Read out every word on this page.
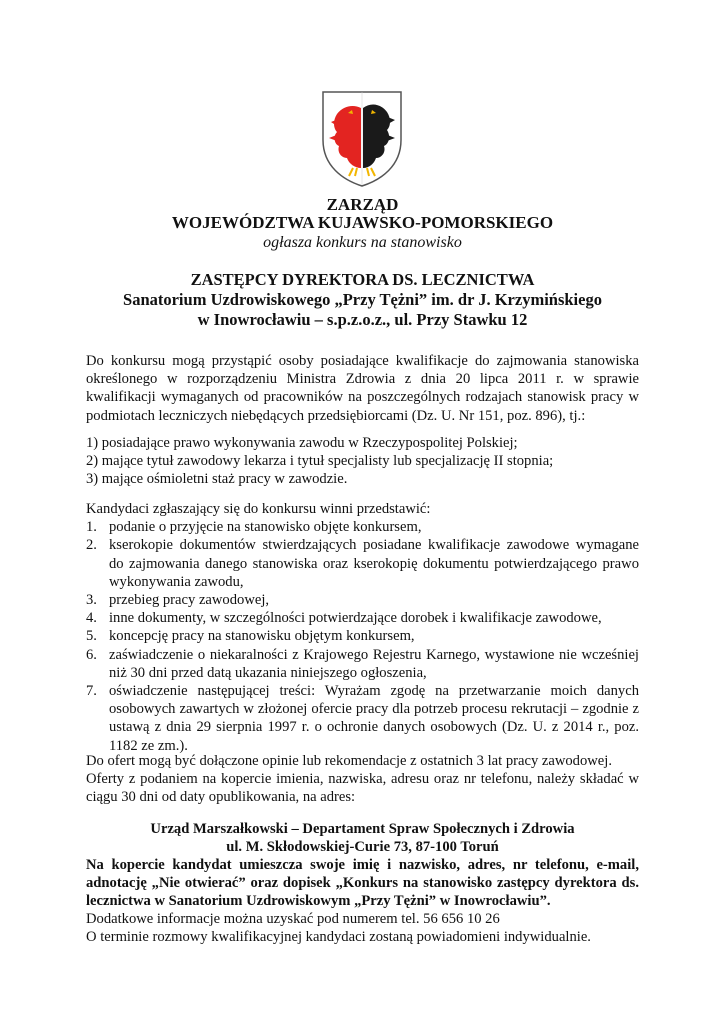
ZARZĄD
WOJEWÓDZTWA KUJAWSKO-POMORSKIEGO
ogłasza konkurs na stanowisko
ZASTĘPCY DYREKTORA DS. LECZNICTWA
Sanatorium Uzdrowiskowego „Przy Tężni” im. dr J. Krzymińskiego
w Inowrocławiu – s.p.z.o.z., ul. Przy Stawku 12

Do konkursu mogą przystąpić osoby posiadające kwalifikacje do zajmowania stanowiska określonego w rozporządzeniu Ministra Zdrowia z dnia 20 lipca 2011 r. w sprawie kwalifikacji wymaganych od pracowników na poszczególnych rodzajach stanowisk pracy w podmiotach leczniczych niebędących przedsiębiorcami (Dz. U. Nr 151, poz. 896), tj.:

1) posiadające prawo wykonywania zawodu w Rzeczypospolitej Polskiej;
2) mające tytuł zawodowy lekarza i tytuł specjalisty lub specjalizację II stopnia;
3) mające ośmioletni staż pracy w zawodzie.

Kandydaci zgłaszający się do konkursu winni przedstawić:

1. podanie o przyjęcie na stanowisko objęte konkursem,
2. kserokopie dokumentów stwierdzających posiadane kwalifikacje zawodowe wymagane do zajmowania danego stanowiska oraz kserokopię dokumentu potwierdzającego prawo wykonywania zawodu,
3. przebieg pracy zawodowej,
4. inne dokumenty, w szczególności potwierdzające dorobek i kwalifikacje zawodowe,
5. koncepcję pracy na stanowisku objętym konkursem,
6. zaświadczenie o niekaralności z Krajowego Rejestru Karnego, wystawione nie wcześniej niż 30 dni przed datą ukazania niniejszego ogłoszenia,
7. oświadczenie następującej treści: Wyrażam zgodę na przetwarzanie moich danych osobowych zawartych w złożonej ofercie pracy dla potrzeb procesu rekrutacji – zgodnie z ustawą z dnia 29 sierpnia 1997 r. o ochronie danych osobowych (Dz. U. z 2014 r., poz. 1182 ze zm.).
Do ofert mogą być dołączone opinie lub rekomendacje z ostatnich 3 lat pracy zawodowej.
Oferty z podaniem na kopercie imienia, nazwiska, adresu oraz nr telefonu, należy składać w ciągu 30 dni od daty opublikowania, na adres:
Urząd Marszałkowski – Departament Spraw Społecznych i Zdrowia
ul. M. Skłodowskiej-Curie 73, 87-100 Toruń
Na kopercie kandydat umieszcza swoje imię i nazwisko, adres, nr telefonu, e-mail, adnotację „Nie otwierać” oraz dopisek „Konkurs na stanowisko zastępcy dyrektora ds. lecznictwa w Sanatorium Uzdrowiskowym „Przy Tężni” w Inowrocławiu”.
Dodatkowe informacje można uzyskać pod numerem tel. 56 656 10 26
O terminie rozmowy kwalifikacyjnej kandydaci zostaną powiadomieni indywidualnie.
